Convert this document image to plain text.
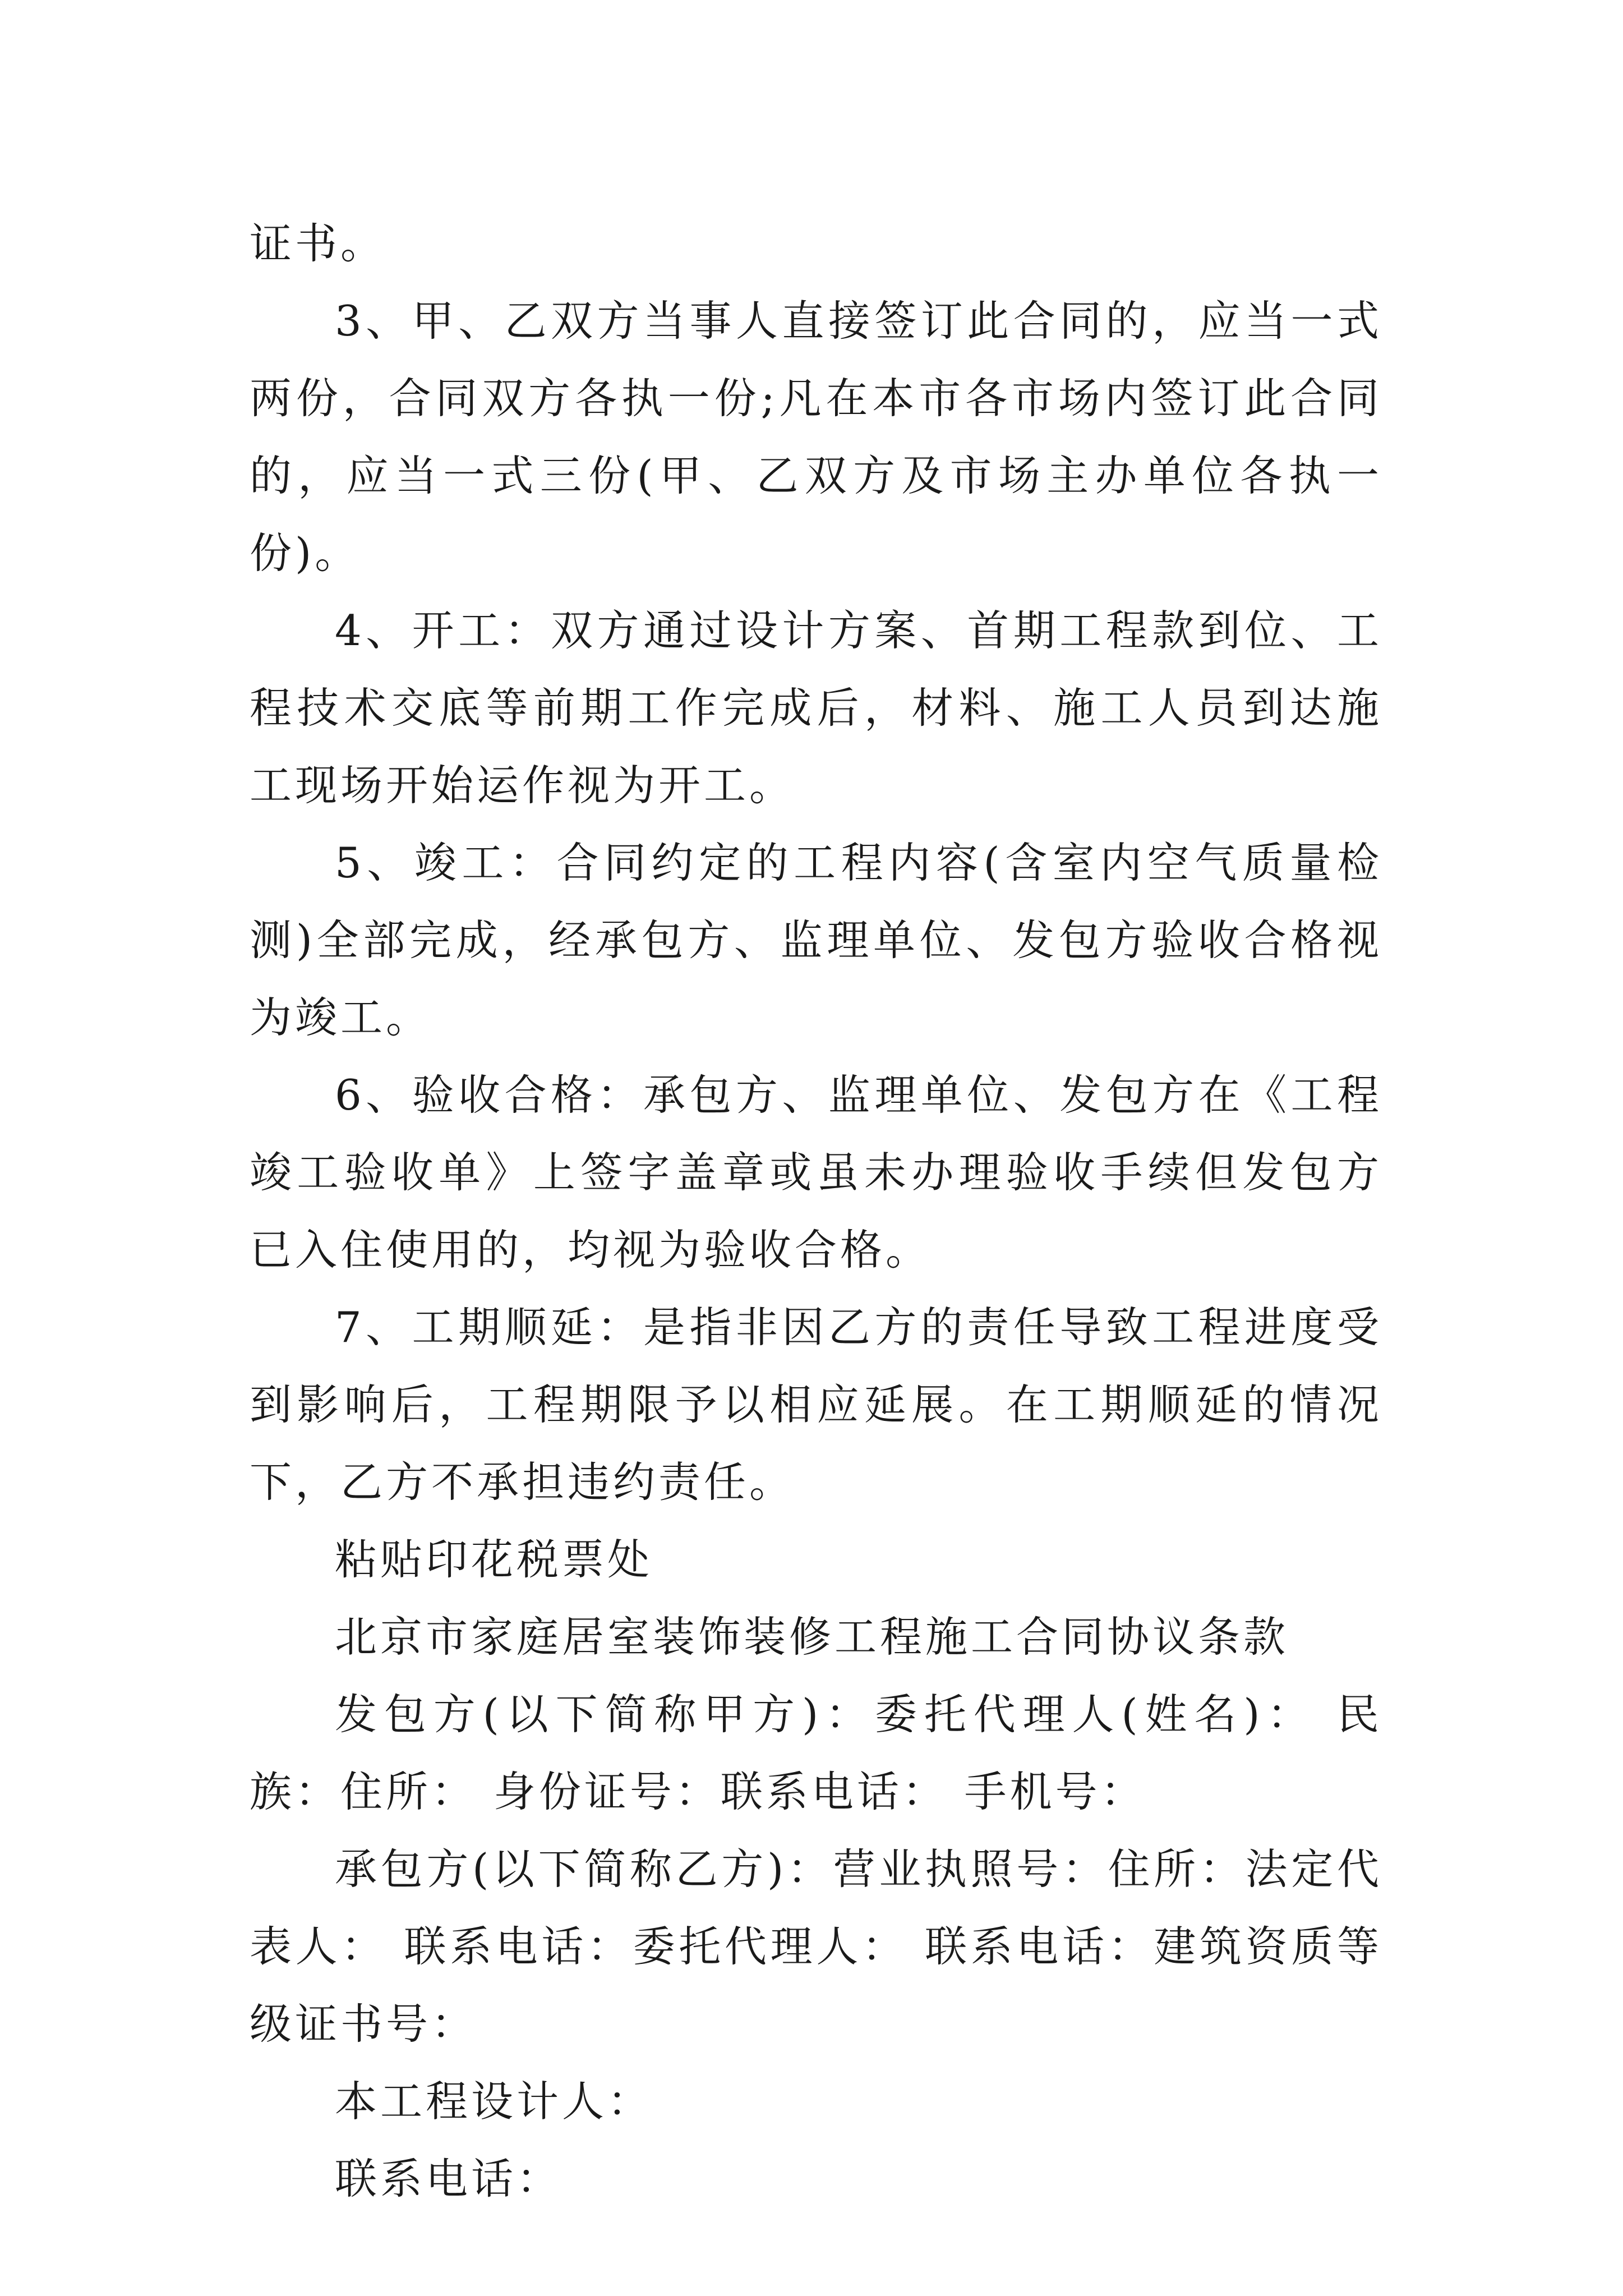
证书。

3、甲、乙双方当事人直接签订此合同的，应当一式两份，合同双方各执一份;凡在本市各市场内签订此合同的，应当一式三份(甲、乙双方及市场主办单位各执一份)。

4、开工：双方通过设计方案、首期工程款到位、工程技术交底等前期工作完成后，材料、施工人员到达施工现场开始运作视为开工。

5、竣工：合同约定的工程内容(含室内空气质量检测)全部完成，经承包方、监理单位、发包方验收合格视为竣工。

6、验收合格：承包方、监理单位、发包方在《工程竣工验收单》上签字盖章或虽未办理验收手续但发包方已入住使用的，均视为验收合格。

7、工期顺延：是指非因乙方的责任导致工程进度受到影响后，工程期限予以相应延展。在工期顺延的情况下，乙方不承担违约责任。

粘贴印花税票处

北京市家庭居室装饰装修工程施工合同协议条款

发包方(以下简称甲方)：委托代理人(姓名)： 民族：住所： 身份证号：联系电话： 手机号：

承包方(以下简称乙方)：营业执照号：住所：法定代表人： 联系电话：委托代理人： 联系电话：建筑资质等级证书号：

本工程设计人：

联系电话：
